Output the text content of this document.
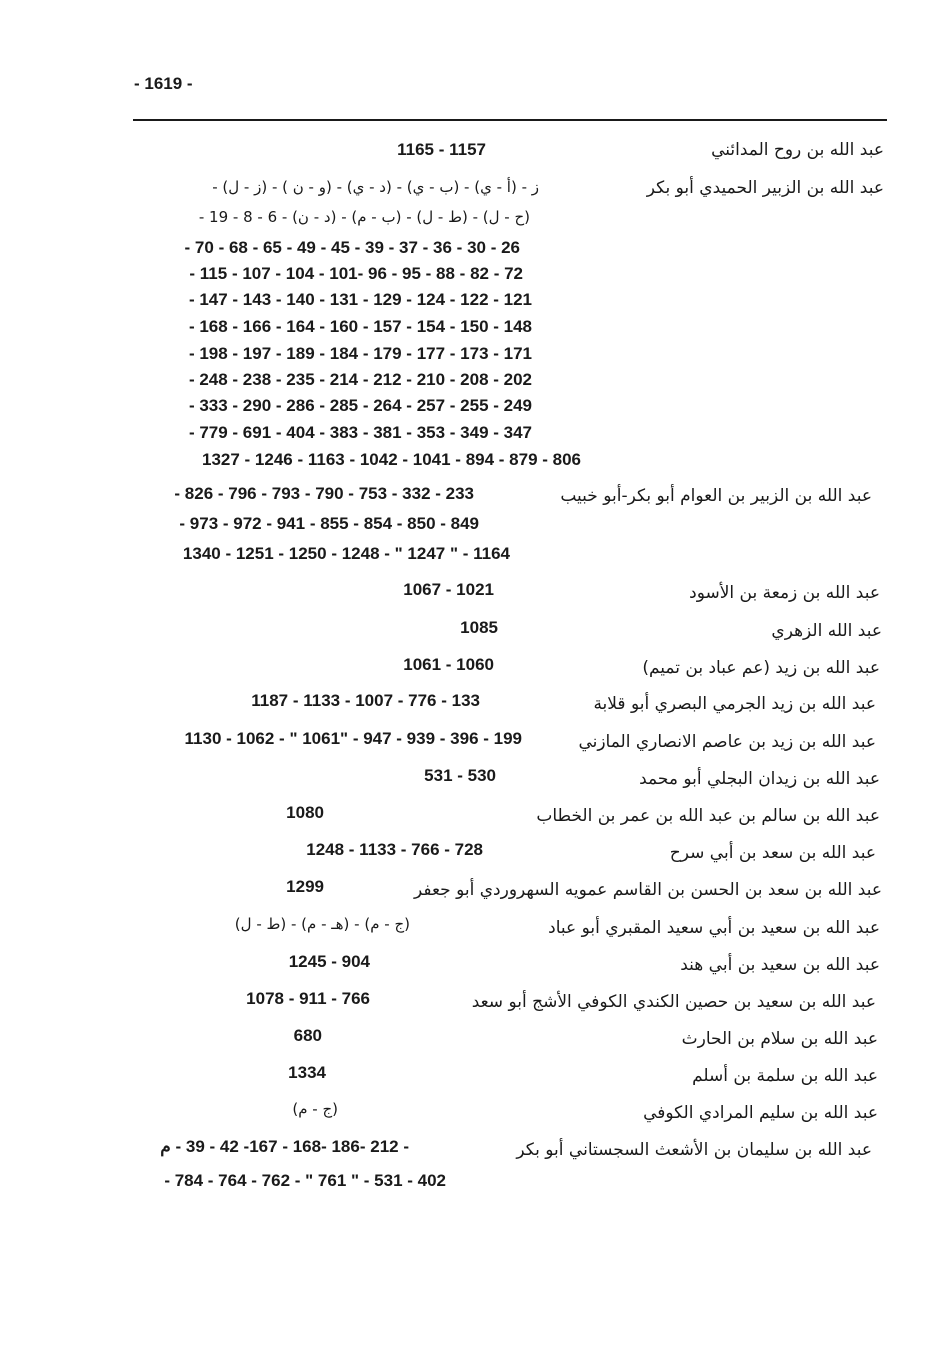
- 1619 -
عبد الله بن روح المدائني
1165 - 1157
عبد الله بن الزبير الحميدي أبو بكر
ز - (أ - ي) - (ب - ي) - (د - ي) - (و - ن ) - (ز - ل) -
(ح - ل) - (ط - ل) - (ب - م) - (د - ن) - 6 - 8 - 19 -
- 70 - 68 - 65 - 49 - 45 - 39 - 37 - 36 - 30 - 26
- 115 - 107 - 104 - 101- 96 - 95 - 88 - 82 - 72
- 147 - 143 - 140 - 131 - 129 - 124 - 122 - 121
- 168 - 166 - 164 - 160 - 157 - 154 - 150 - 148
- 198 - 197 - 189 - 184 - 179 - 177 - 173 - 171
- 248 - 238 - 235 - 214 - 212 - 210 - 208 - 202
- 333 - 290 - 286 - 285 - 264 - 257 - 255 - 249
- 779 - 691 - 404 - 383 - 381 - 353 - 349 - 347
1327 - 1246 - 1163 - 1042 - 1041 - 894 - 879 - 806
عبد الله بن الزبير بن العوام أبو بكر-أبو خبيب
- 826 - 796 - 793 - 790 - 753 - 332 - 233
- 973 - 972 - 941 - 855 - 854 - 850 - 849
1340 - 1251 - 1250 - 1248 - " 1247 " - 1164
عبد الله بن زمعة بن الأسود
1067 - 1021
عبد الله الزهري
1085
عبد الله بن زيد (عم عباد بن تميم)
1061 - 1060
عبد الله بن زيد الجرمي البصري أبو قلابة
1187 - 1133 - 1007 - 776 - 133
عبد الله بن زيد بن عاصم الانصاري المازني
1130 - 1062 - " 1061" - 947 - 939 - 396 - 199
عبد الله بن زيدان البجلي أبو محمد
531 - 530
عبد الله بن سالم بن عبد الله بن عمر بن الخطاب
1080
عبد الله بن سعد بن أبي سرح
1248 - 1133 - 766 - 728
عبد الله بن سعد بن الحسن بن القاسم عمويه السهروردي أبو جعفر
1299
عبد الله بن سعيد بن أبي سعيد المقبري أبو عباد
(ج - م) - (هـ - م) - (ط - ل)
عبد الله بن سعيد بن أبي هند
1245 - 904
عبد الله بن سعيد بن حصين الكندي الكوفي الأشج أبو سعد
1078 - 911 - 766
عبد الله بن سلام بن الحارث
680
عبد الله بن سلمة بن أسلم
1334
عبد الله بن سليم المرادي الكوفي
(ج - م)
عبد الله بن سليمان بن الأشعث السجستاني أبو بكر
- 212 -186 -168 - 167- 42 - 39 - م
- 784 - 764 - 762 - " 761 " - 531 - 402
